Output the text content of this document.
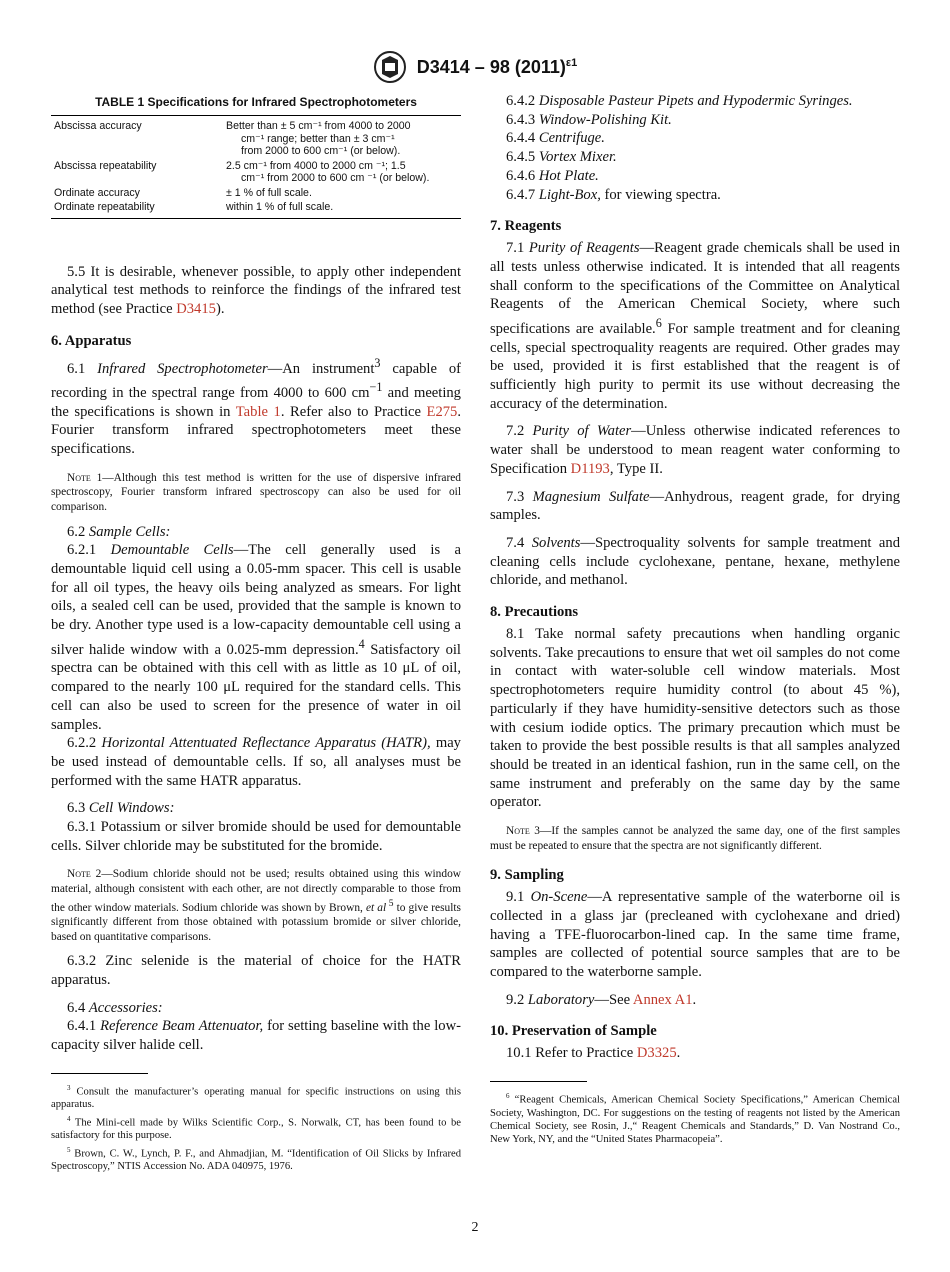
D3414 – 98 $(2011)^{\varepsilon 1}$
TABLE 1 Specifications for Infrared Spectrophotometers
Abscissa accuracy	Better than ± 5 cm⁻¹ from 4000 to 2000
cm⁻¹ range; better than ± 3 cm⁻¹
from 2000 to 600 cm⁻¹ (or below).

Abscissa repeatability	2.5 cm⁻¹ from 4000 to 2000 cm ⁻¹; 1.5
cm⁻¹ from 2000 to 600 cm ⁻¹ (or below).

Ordinate accuracy	± 1 % of full scale.
Ordinate repeatability	within 1 % of full scale.

5.5 It is desirable, whenever possible, to apply other independent analytical test methods to reinforce the findings of the infrared test method (see Practice D3415).

6. Apparatus

6.1 Infrared Spectrophotometer—An instrument$^3$ capable of recording in the spectral range from 4000 to 600 $cm^{-1}$ and meeting the specifications is shown in Table 1. Refer also to Practice E275. Fourier transform infrared spectrophotometers meet these specifications.

Note 1—Although this test method is written for the use of dispersive infrared spectroscopy, Fourier transform infrared spectroscopy can also be used for oil comparison.

6.2 Sample Cells:

6.2.1 Demountable Cells—The cell generally used is a demountable liquid cell using a 0.05-mm spacer. This cell is usable for all oil types, the heavy oils being analyzed as smears. For light oils, a sealed cell can be used, provided that the sample is known to be dry. Another type used is a low-capacity demountable cell using a silver halide window with a 0.025-mm depression.$^4$ Satisfactory oil spectra can be obtained with this cell with as little as 10 μL of oil, compared to the nearly 100 μL required for the standard cells. This cell can also be used to screen for the presence of water in oil samples.

6.2.2 Horizontal Attentuated Reflectance Apparatus (HATR), may be used instead of demountable cells. If so, all analyses must be performed with the same HATR apparatus.

6.3 Cell Windows:

6.3.1 Potassium or silver bromide should be used for demountable cells. Silver chloride may be substituted for the bromide.

Note 2—Sodium chloride should not be used; results obtained using this window material, although consistent with each other, are not directly comparable to those from the other window materials. Sodium chloride was shown by Brown, et al $^5$ to give results significantly different from those obtained with potassium bromide or silver chloride, based on quantitative comparisons.

6.3.2 Zinc selenide is the material of choice for the HATR apparatus.

6.4 Accessories:

6.4.1 Reference Beam Attenuator, for setting baseline with the low-capacity silver halide cell.

$^3$ Consult the manufacturer’s operating manual for specific instructions on using this apparatus.

$^4$ The Mini-cell made by Wilks Scientific Corp., S. Norwalk, CT, has been found to be satisfactory for this purpose.

$^5$ Brown, C. W., Lynch, P. F., and Ahmadjian, M. “Identification of Oil Slicks by Infrared Spectroscopy,” NTIS Accession No. ADA 040975, 1976.

6.4.2 Disposable Pasteur Pipets and Hypodermic Syringes.

6.4.3 Window-Polishing Kit.

6.4.4 Centrifuge.

6.4.5 Vortex Mixer.

6.4.6 Hot Plate.

6.4.7 Light-Box, for viewing spectra.

7. Reagents

7.1 Purity of Reagents—Reagent grade chemicals shall be used in all tests unless otherwise indicated. It is intended that all reagents shall conform to the specifications of the Committee on Analytical Reagents of the American Chemical Society, where such specifications are available.$^6$ For sample treatment and for cleaning cells, special spectroquality reagents are required. Other grades may be used, provided it is first established that the reagent is of sufficiently high purity to permit its use without decreasing the accuracy of the determination.

7.2 Purity of Water—Unless otherwise indicated references to water shall be understood to mean reagent water conforming to Specification D1193, Type II.

7.3 Magnesium Sulfate—Anhydrous, reagent grade, for drying samples.

7.4 Solvents—Spectroquality solvents for sample treatment and cleaning cells include cyclohexane, pentane, hexane, methylene chloride, and methanol.

8. Precautions

8.1 Take normal safety precautions when handling organic solvents. Take precautions to ensure that wet oil samples do not come in contact with water-soluble cell window materials. Most spectrophotometers require humidity control (to about 45 %), particularly if they have humidity-sensitive detectors such as those with cesium iodide optics. The primary precaution which must be taken to provide the best possible results is that all samples analyzed should be treated in an identical fashion, run in the same cell, on the same instrument and preferably on the same day by the same operator.

Note 3—If the samples cannot be analyzed the same day, one of the first samples must be repeated to ensure that the spectra are not significantly different.
9. Sampling

9.1 On-Scene—A representative sample of the waterborne oil is collected in a glass jar (precleaned with cyclohexane and dried) having a TFE-fluorocarbon-lined cap. In the same time frame, samples are collected of potential source samples that are to be compared to the waterborne sample.

9.2 Laboratory—See Annex A1.

10. Preservation of Sample

10.1 Refer to Practice D3325.

$^6$ “Reagent Chemicals, American Chemical Society Specifications,” American Chemical Society, Washington, DC. For suggestions on the testing of reagents not listed by the American Chemical Society, see Rosin, J.,“ Reagent Chemicals and Standards,” D. Van Nostrand Co., New York, NY, and the “United States Pharmacopeia”.

2
